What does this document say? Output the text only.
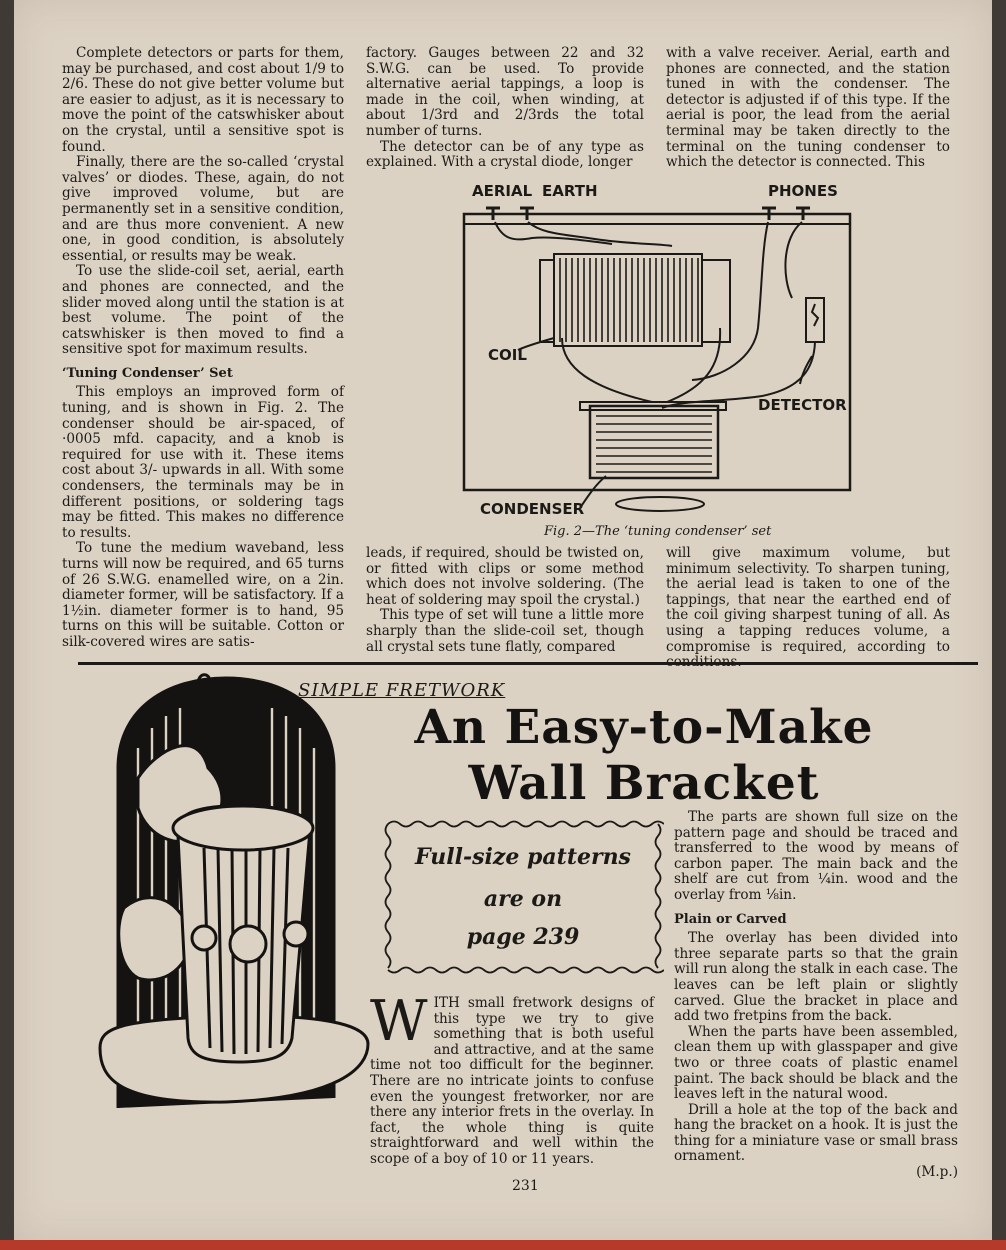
Complete detectors or parts for them, may be purchased, and cost about 1/9 to 2/6. These do not give better volume but are easier to adjust, as it is necessary to move the point of the catswhisker about on the crystal, until a sensitive spot is found.

Finally, there are the so-called ‘crystal valves’ or diodes. These, again, do not give improved volume, but are permanently set in a sensitive condition, and are thus more convenient. A new one, in good condition, is absolutely essential, or results may be weak.

To use the slide-coil set, aerial, earth and phones are connected, and the slider moved along until the station is at best volume. The point of the catswhisker is then moved to find a sensitive spot for maximum results.

‘Tuning Condenser’ Set

This employs an improved form of tuning, and is shown in Fig. 2. The condenser should be air-spaced, of ·0005 mfd. capacity, and a knob is required for use with it. These items cost about 3/- upwards in all. With some condensers, the terminals may be in different positions, or soldering tags may be fitted. This makes no difference to results.

To tune the medium waveband, less turns will now be required, and 65 turns of 26 S.W.G. enamelled wire, on a 2in. diameter former, will be satisfactory. If a 1½in. diameter former is to hand, 95 turns on this will be suitable. Cotton or silk-covered wires are satis-

factory. Gauges between 22 and 32 S.W.G. can be used. To provide alternative aerial tappings, a loop is made in the coil, when winding, at about 1/3rd and 2/3rds the total number of turns.

The detector can be of any type as explained. With a crystal diode, longer

with a valve receiver. Aerial, earth and phones are connected, and the station tuned in with the condenser. The detector is adjusted if of this type. If the aerial is poor, the lead from the aerial terminal may be taken directly to the terminal on the tuning condenser to which the detector is connected. This

AERIAL EARTH	PHONES
COIL
DETECTOR
CONDENSER
Fig. 2—The ‘tuning condenser’ set

leads, if required, should be twisted on, or fitted with clips or some method which does not involve soldering. (The heat of soldering may spoil the crystal.)

This type of set will tune a little more sharply than the slide-coil set, though all crystal sets tune flatly, compared

will give maximum volume, but minimum selectivity. To sharpen tuning, the aerial lead is taken to one of the tappings, that near the earthed end of the coil giving sharpest tuning of all. As using a tapping reduces volume, a compromise is required, according to

SIMPLE FRETWORK
An Easy-to-Make
Wall Bracket
Full-size patterns
are on
page 239

WITH small fretwork designs of this type we try to give something that is both useful and attractive, and at the same time not too difficult for the beginner. There are no intricate joints to confuse even the youngest fretworker, nor are there any interior frets in the overlay. In fact, the whole thing is quite straightforward and well within the scope of a boy of 10 or 11 years.

The parts are shown full size on the pattern page and should be traced and transferred to the wood by means of carbon paper. The main back and the shelf are cut from ¼in. wood and the overlay from ⅛in.

Plain or Carved

The overlay has been divided into three separate parts so that the grain will run along the stalk in each case. The leaves can be left plain or slightly carved. Glue the bracket in place and add two fretpins from the back.

When the parts have been assembled, clean them up with glasspaper and give two or three coats of plastic enamel paint. The back should be black and the leaves left in the natural wood.

Drill a hole at the top of the back and hang the bracket on a hook. It is just the thing for a miniature vase or small brass ornament.

(M.p.)
231
